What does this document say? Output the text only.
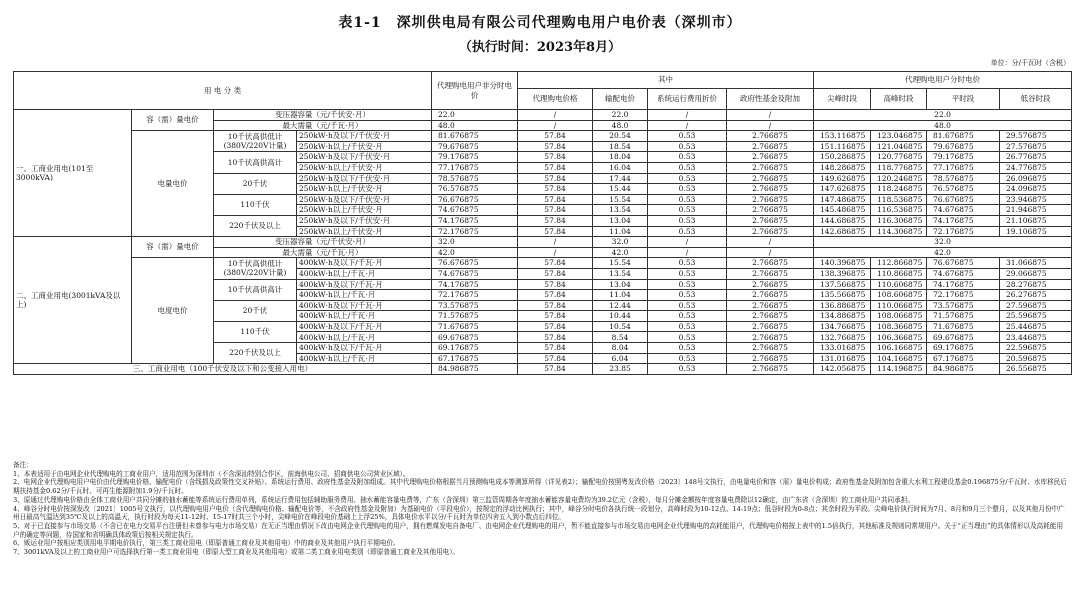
表1-1　深圳供电局有限公司代理购电用户电价表（深圳市）
（执行时间：2023年8月）
单位：分/千瓦时（含税）
用 电 分 类				代理购电用户非分时电价	其中				代理购电用户分时电价			
					代理购电价格	输配电价	系统运行费用折价	政府性基金及附加	尖峰时段	高峰时段	平时段	低谷时段
一、工商业用电(101至3000kVA)	容（需）量电价	变压器容量（元/千伏安·月）		22.0	/	22.0	/	/	22.0			
		最大需量（元/千瓦·月）		48.0	/	48.0	/	/	48.0			
	电量电价	10千伏高供低计(380V/220V计量)	250kW·h及以下/千伏安·月	81.676875	57.84	20.54	0.53	2.766875	153.116875	123.046875	81.676875	29.576875
			250kW·h以上/千伏安·月	79.676875	57.84	18.54	0.53	2.766875	151.116875	121.046875	79.676875	27.576875
		10千伏高供高计	250kW·h及以下/千伏安·月	79.176875	57.84	18.04	0.53	2.766875	150.286875	120.776875	79.176875	26.776875
			250kW·h以上/千伏安·月	77.176875	57.84	16.04	0.53	2.766875	148.286875	118.776875	77.176875	24.776875
		20千伏	250kW·h及以下/千伏安·月	78.576875	57.84	17.44	0.53	2.766875	149.626875	120.246875	78.576875	26.096875
			250kW·h以上/千伏安·月	76.576875	57.84	15.44	0.53	2.766875	147.626875	118.246875	76.576875	24.096875
		110千伏	250kW·h及以下/千伏安·月	76.676875	57.84	15.54	0.53	2.766875	147.486875	118.536875	76.676875	23.946875
			250kW·h以上/千伏安·月	74.676875	57.84	13.54	0.53	2.766875	145.486875	116.536875	74.676875	21.946875
		220千伏及以上	250kW·h及以下/千伏安·月	74.176875	57.84	13.04	0.53	2.766875	144.686875	116.306875	74.176875	21.106875
			250kW·h以上/千伏安·月	72.176875	57.84	11.04	0.53	2.766875	142.686875	114.306875	72.176875	19.106875
二、工商业用电(3001kVA及以上)	容（需）量电价	变压器容量（元/千伏安·月）		32.0	/	32.0	/	/	32.0			
		最大需量（元/千瓦·月）		42.0	/	42.0	/	/	42.0			
	电度电价	10千伏高供低计(380V/220V计量)	400kW·h及以下/千瓦·月	76.676875	57.84	15.54	0.53	2.766875	140.396875	112.866875	76.676875	31.066875
			400kW·h以上/千瓦·月	74.676875	57.84	13.54	0.53	2.766875	138.396875	110.866875	74.676875	29.066875
		10千伏高供高计	400kW·h及以下/千瓦·月	74.176875	57.84	13.04	0.53	2.766875	137.566875	110.606875	74.176875	28.276875
			400kW·h以上/千瓦·月	72.176875	57.84	11.04	0.53	2.766875	135.566875	108.606875	72.176875	26.276875
		20千伏	400kW·h及以下/千瓦·月	73.576875	57.84	12.44	0.53	2.766875	136.886875	110.066875	73.576875	27.596875
			400kW·h以上/千瓦·月	71.576875	57.84	10.44	0.53	2.766875	134.886875	108.066875	71.576875	25.596875
		110千伏	400kW·h及以下/千瓦·月	71.676875	57.84	10.54	0.53	2.766875	134.766875	108.366875	71.676875	25.446875
			400kW·h以上/千瓦·月	69.676875	57.84	8.54	0.53	2.766875	132.766875	106.366875	69.676875	23.446875
		220千伏及以上	400kW·h及以下/千瓦·月	69.176875	57.84	8.04	0.53	2.766875	133.016875	106.166875	69.176875	22.596875
			400kW·h以上/千瓦·月	67.176875	57.84	6.04	0.53	2.766875	131.016875	104.166875	67.176875	20.596875
三、工商业用电（100千伏安及以下和公变接入用电）				84.986875	57.84	23.85	0.53	2.766875	142.056875	114.196875	84.986875	26.556875

备注：

1、本表适用于由电网企业代理购电的工商业用户，适用范围为深圳市（不含深汕特别合作区，前海供电公司、招商供电公司营业区域）。

2、电网企业代理购电用户电价由代理购电价格、输配电价（含线损及政策性交叉补贴）、系统运行费用、政府性基金及附加组成。其中代理购电价格根据当月预测购电成本等测算所得（详见表2）；输配电价按照粤发改价格〔2023〕148号文执行，由电量电价和容（需）量电价构成；政府性基金及附加包含重大水利工程建设基金0.196875分/千瓦时、水库移民后期扶持基金0.62分/千瓦时、可再生能源附加1.9分/千瓦时。

3、原通过代理购电价格由全体工商业用户共同分摊的抽水蓄能等系统运行费用单列，系统运行费用包括辅助服务费用、抽水蓄能容量电费等，广东（含深圳）第三监管周期各年度抽水蓄能容量电费均为39.2亿元（含税），每月分摊金额按年度容量电费除以12确定，由广东省（含深圳）的工商业用户共同承担。

4、峰谷分时电价按深发改〔2021〕1005号文执行，以代理购电用户电价（含代理购电价格、输配电价等，不含政府性基金及附加）为基础电价（平段电价），按规定的浮动比例执行；其中，峰谷分时电价各执行统一段划分，高峰时段为10-12点、14-19点；低谷时段为0-8点；其余时段为平段。尖峰电价执行时间为7月、8月和9月三个整月，以及其他月份中广州日最高气温达到35℃及以上的高温天，执行时段为每天11-12时、15-17时共三个小时，尖峰电价在峰段电价基础上上浮25%，具体电价水平以分/千瓦时为单位四舍五入到小数点后四位。

5、对于已直接参与市场交易（不含已在电力交易平台注册但未曾参与电力市场交易）在无正当理由情况下改由电网企业代理购电的用户，拥有燃煤发电自备电厂、由电网企业代理购电的用户，暂不能直接参与市场交易由电网企业代理购电的高耗能用户，代理购电价格按上表中的1.5倍执行，其他标准及规则同常规用户。关于“正当理由”的具体情形以及高耗能用户的确定等问题，待国家和省明确具体政策后按相关规定执行。

6、贩运业用户按相应类别用电平期电价执行，第三类工商业用电（即原普通工商业及其他用电）中的商业及其他用户执行平期电价。

7、3001kVA及以上的工商业用户可选择执行第一类工商业用电（即原大型工商业及其他用电）或第二类工商业用电类别（即原普通工商业及其他用电）。
